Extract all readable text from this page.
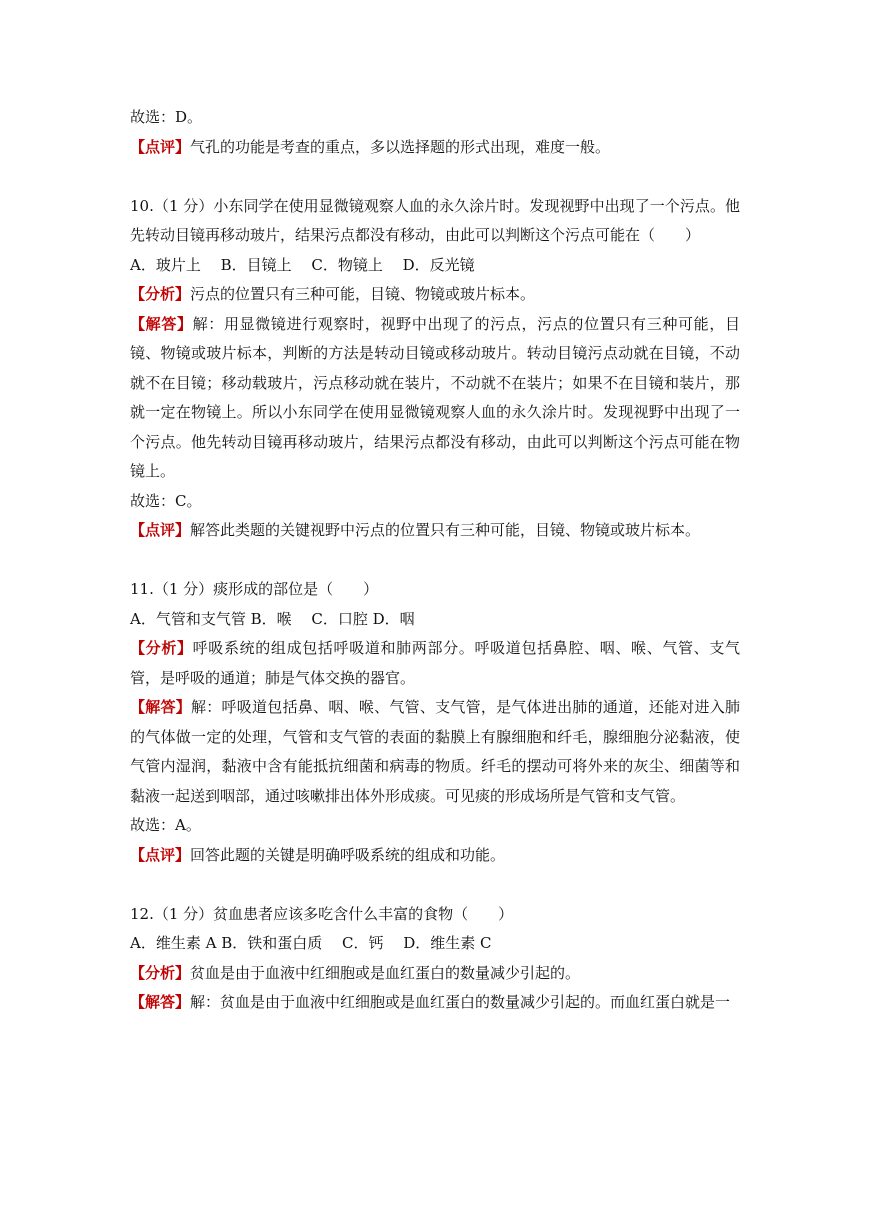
故选：D。
【点评】气孔的功能是考查的重点，多以选择题的形式出现，难度一般。
10.（1 分）小东同学在使用显微镜观察人血的永久涂片时。发现视野中出现了一个污点。他先转动目镜再移动玻片，结果污点都没有移动，由此可以判断这个污点可能在（　　）
A．玻片上　 B．目镜上　 C．物镜上　 D．反光镜
【分析】污点的位置只有三种可能，目镜、物镜或玻片标本。
【解答】解：用显微镜进行观察时，视野中出现了的污点，污点的位置只有三种可能，目镜、物镜或玻片标本，判断的方法是转动目镜或移动玻片。转动目镜污点动就在目镜，不动就不在目镜；移动载玻片，污点移动就在装片，不动就不在装片；如果不在目镜和装片，那就一定在物镜上。所以小东同学在使用显微镜观察人血的永久涂片时。发现视野中出现了一个污点。他先转动目镜再移动玻片，结果污点都没有移动，由此可以判断这个污点可能在物镜上。
故选：C。
【点评】解答此类题的关键视野中污点的位置只有三种可能，目镜、物镜或玻片标本。
11.（1 分）痰形成的部位是（　　）
A．气管和支气管 B．喉　 C．口腔 D．咽
【分析】呼吸系统的组成包括呼吸道和肺两部分。呼吸道包括鼻腔、咽、喉、气管、支气管，是呼吸的通道；肺是气体交换的器官。
【解答】解：呼吸道包括鼻、咽、喉、气管、支气管，是气体进出肺的通道，还能对进入肺的气体做一定的处理，气管和支气管的表面的黏膜上有腺细胞和纤毛，腺细胞分泌黏液，使气管内湿润，黏液中含有能抵抗细菌和病毒的物质。纤毛的摆动可将外来的灰尘、细菌等和黏液一起送到咽部，通过咳嗽排出体外形成痰。可见痰的形成场所是气管和支气管。
故选：A。
【点评】回答此题的关键是明确呼吸系统的组成和功能。
12.（1 分）贫血患者应该多吃含什么丰富的食物（　　）
A．维生素 A B．铁和蛋白质　 C．钙　 D．维生素 C
【分析】贫血是由于血液中红细胞或是血红蛋白的数量减少引起的。
【解答】解：贫血是由于血液中红细胞或是血红蛋白的数量减少引起的。而血红蛋白就是一
